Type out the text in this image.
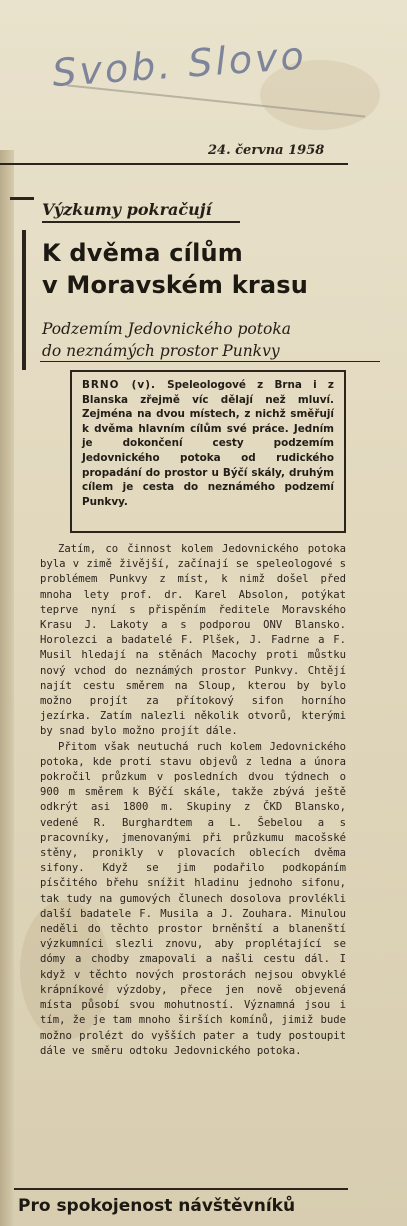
Svob. Slovo
24. června 1958
Výzkumy pokračují
K dvěma cílům
v Moravském krasu
Podzemím Jedovnického potoka
do neznámých prostor Punkvy
BRNO (v). Speleologové z Brna i z Blanska zřejmě víc dělají než mluví. Zejména na dvou místech, z nichž směřují k dvěma hlavním cílům své práce. Jedním je dokončení cesty podzemím Jedovnického potoka od rudického propadání do prostor u Býčí skály, druhým cílem je cesta do neznámého podzemí Punkvy.

Zatím, co činnost kolem Jedovnického potoka byla v zimě živější, začínají se speleologové s problémem Punkvy z míst, k nimž došel před mnoha lety prof. dr. Karel Absolon, potýkat teprve nyní s přispěním ředitele Moravského Krasu J. Lakoty a s podporou ONV Blansko. Horolezci a badatelé F. Plšek, J. Fadrne a F. Musil hledají na stěnách Macochy proti můstku nový vchod do neznámých prostor Punkvy. Chtějí najít cestu směrem na Sloup, kterou by bylo možno projít za přítokový sifon horního jezírka. Zatím nalezli několik otvorů, kterými by snad bylo možno projít dále.

Přitom však neutuchá ruch kolem Jedovnického potoka, kde proti stavu objevů z ledna a února pokročil průzkum v posledních dvou týdnech o 900 m směrem k Býčí skále, takže zbývá ještě odkrýt asi 1800 m. Skupiny z ČKD Blansko, vedené R. Burghardtem a L. Šebelou a s pracovníky, jmenovanými při průzkumu macošské stěny, pronikly v plovacích oblecích dvěma sifony. Když se jim podařilo podkopáním písčitého břehu snížit hladinu jednoho sifonu, tak tudy na gumových člunech dosolova provlékli další badatele F. Musila a J. Zouhara. Minulou neděli do těchto prostor brněnští a blanenští výzkumníci slezli znovu, aby proplétající se dómy a chodby zmapovali a našli cestu dál. I když v těchto nových prostorách nejsou obvyklé krápníkové výzdoby, přece jen nově objevená místa působí svou mohutností. Významná jsou i tím, že je tam mnoho širších komínů, jimiž bude možno prolézt do vyšších pater a tudy postoupit dále ve směru odtoku Jedovnického potoka.

Pro spokojenost návštěvníků
